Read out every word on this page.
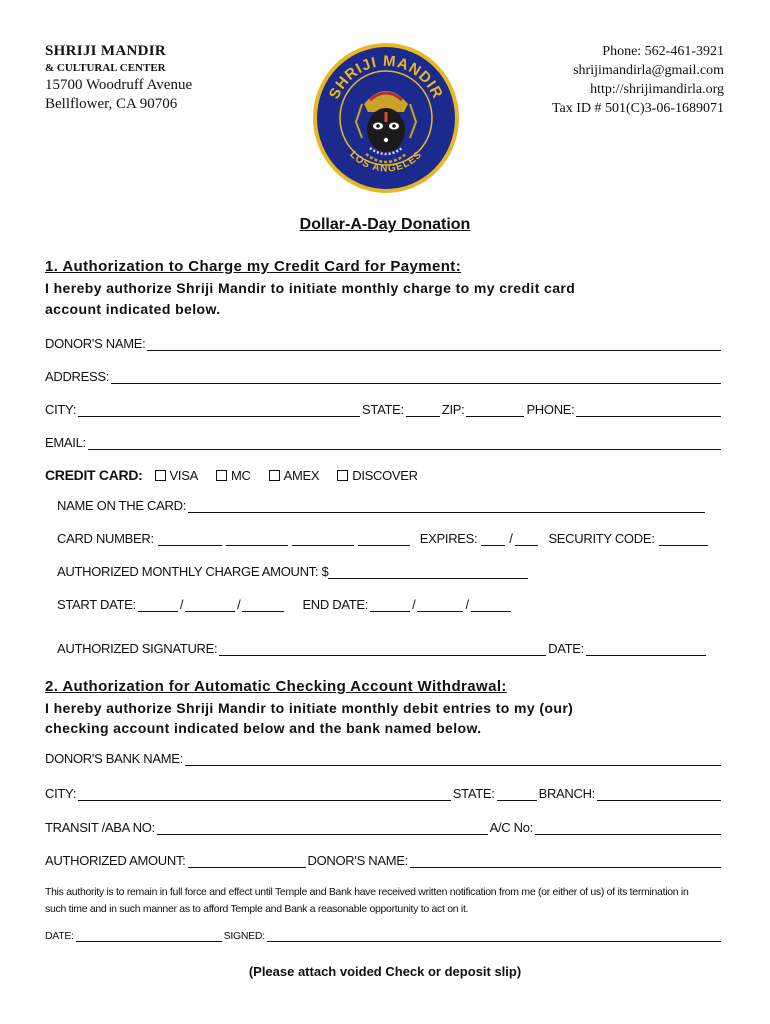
SHRIJI MANDIR
& CULTURAL CENTER
15700 Woodruff Avenue
Bellflower, CA 90706
Phone: 562-461-3921
shrijimandirla@gmail.com
http://shrijimandirla.org
Tax ID # 501(C)3-06-1689071
SHRIJI MANDIR
LOS ANGELES
Dollar-A-Day Donation
1. Authorization to Charge my Credit Card for Payment:
I hereby authorize Shriji Mandir to initiate monthly charge to my credit card
account indicated below.
DONOR'S NAME:
ADDRESS:
CITY:	STATE:	ZIP:	PHONE:
EMAIL:
CREDIT CARD:	VISA	MC	AMEX	DISCOVER
NAME ON THE CARD:
CARD NUMBER:	EXPIRES: /	SECURITY CODE:
AUTHORIZED MONTHLY CHARGE AMOUNT: $
START DATE:	/	/	END DATE:	/	/
AUTHORIZED SIGNATURE:	DATE:
2. Authorization for Automatic Checking Account Withdrawal:
I hereby authorize Shriji Mandir to initiate monthly debit entries to my (our)
checking account indicated below and the bank named below.
DONOR'S BANK NAME:
CITY:	STATE:	BRANCH:
TRANSIT /ABA NO:	A/C No:
AUTHORIZED AMOUNT:	DONOR'S NAME:
This authority is to remain in full force and effect until Temple and Bank have received written notification from me (or either of us) of its termination in
such time and in such manner as to afford Temple and Bank a reasonable opportunity to act on it.
DATE:	SIGNED:
(Please attach voided Check or deposit slip)
